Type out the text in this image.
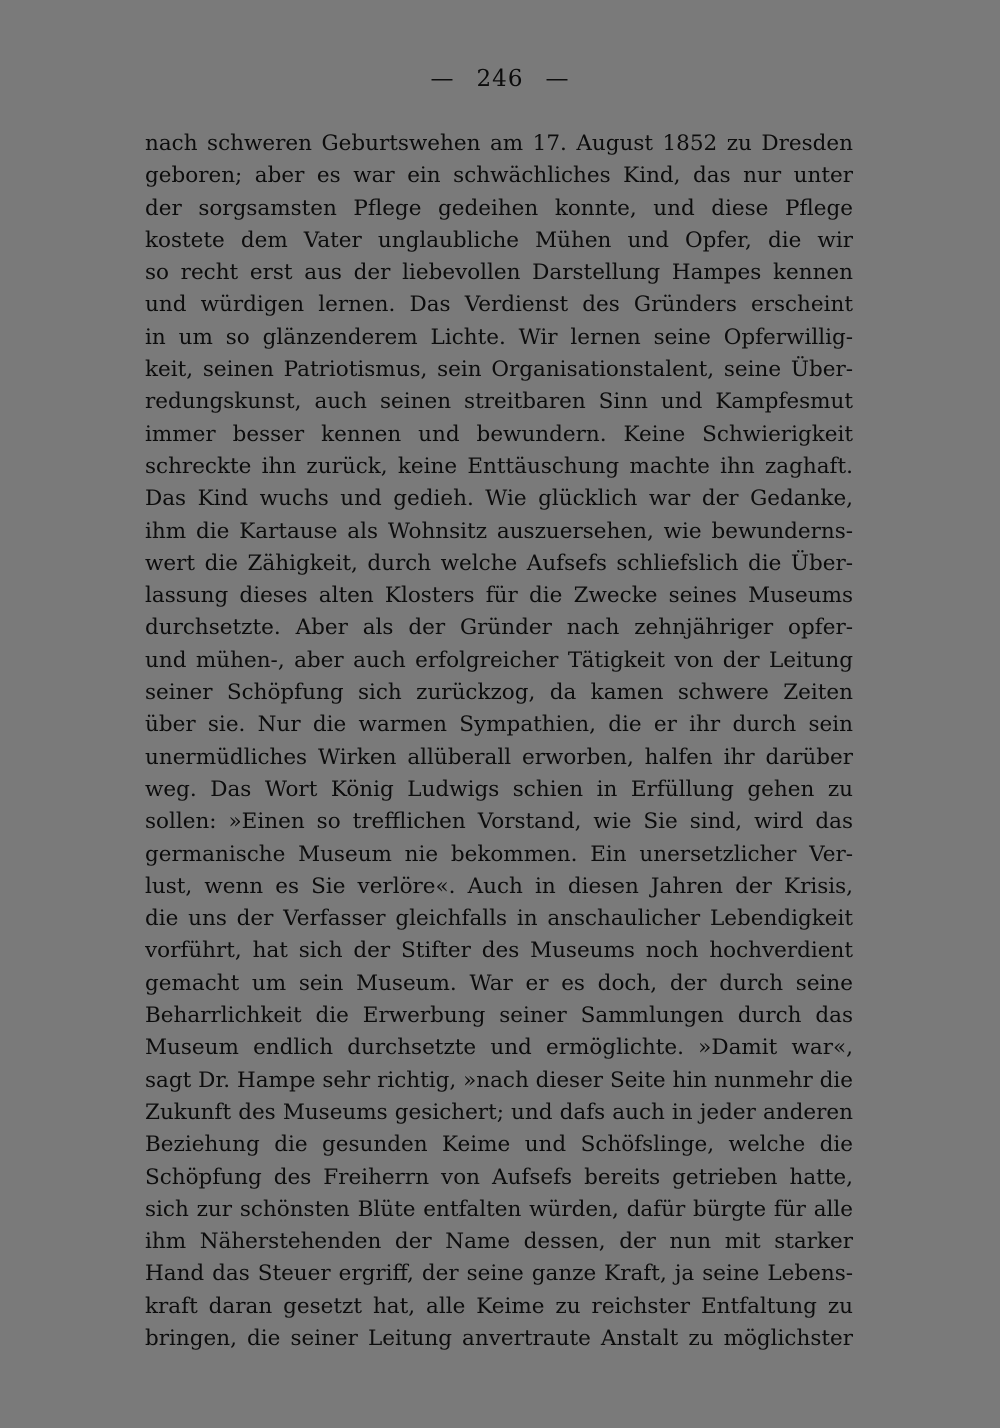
— 246 —
nach schweren Geburtswehen am 17. August 1852 zu Dresden
geboren; aber es war ein schwächliches Kind, das nur unter
der sorgsamsten Pflege gedeihen konnte, und diese Pflege
kostete dem Vater unglaubliche Mühen und Opfer, die wir
so recht erst aus der liebevollen Darstellung Hampes kennen
und würdigen lernen. Das Verdienst des Gründers erscheint
in um so glänzenderem Lichte. Wir lernen seine Opferwillig-
keit, seinen Patriotismus, sein Organisationstalent, seine Über-
redungskunst, auch seinen streitbaren Sinn und Kampfesmut
immer besser kennen und bewundern. Keine Schwierigkeit
schreckte ihn zurück, keine Enttäuschung machte ihn zaghaft.
Das Kind wuchs und gedieh. Wie glücklich war der Gedanke,
ihm die Kartause als Wohnsitz auszuersehen, wie bewunderns-
wert die Zähigkeit, durch welche Aufsefs schliefslich die Über-
lassung dieses alten Klosters für die Zwecke seines Museums
durchsetzte. Aber als der Gründer nach zehnjähriger opfer-
und mühen-, aber auch erfolgreicher Tätigkeit von der Leitung
seiner Schöpfung sich zurückzog, da kamen schwere Zeiten
über sie. Nur die warmen Sympathien, die er ihr durch sein
unermüdliches Wirken allüberall erworben, halfen ihr darüber
weg. Das Wort König Ludwigs schien in Erfüllung gehen zu
sollen: »Einen so trefflichen Vorstand, wie Sie sind, wird das
germanische Museum nie bekommen. Ein unersetzlicher Ver-
lust, wenn es Sie verlöre«. Auch in diesen Jahren der Krisis,
die uns der Verfasser gleichfalls in anschaulicher Lebendigkeit
vorführt, hat sich der Stifter des Museums noch hochverdient
gemacht um sein Museum. War er es doch, der durch seine
Beharrlichkeit die Erwerbung seiner Sammlungen durch das
Museum endlich durchsetzte und ermöglichte. »Damit war«,
sagt Dr. Hampe sehr richtig, »nach dieser Seite hin nunmehr die
Zukunft des Museums gesichert; und dafs auch in jeder anderen
Beziehung die gesunden Keime und Schöfslinge, welche die
Schöpfung des Freiherrn von Aufsefs bereits getrieben hatte,
sich zur schönsten Blüte entfalten würden, dafür bürgte für alle
ihm Näherstehenden der Name dessen, der nun mit starker
Hand das Steuer ergriff, der seine ganze Kraft, ja seine Lebens-
kraft daran gesetzt hat, alle Keime zu reichster Entfaltung zu
bringen, die seiner Leitung anvertraute Anstalt zu möglichster
